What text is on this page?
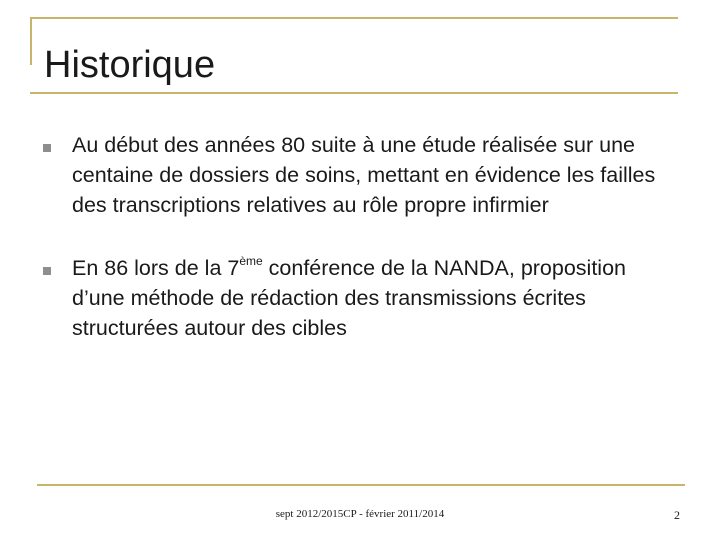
Historique
Au début des années 80 suite à une étude réalisée sur une centaine de dossiers de soins, mettant en évidence les failles des transcriptions relatives au rôle propre infirmier
En 86 lors de la 7ème conférence de la NANDA, proposition d’une méthode de rédaction des transmissions écrites structurées autour des cibles
sept 2012/2015CP - février 2011/2014	2
